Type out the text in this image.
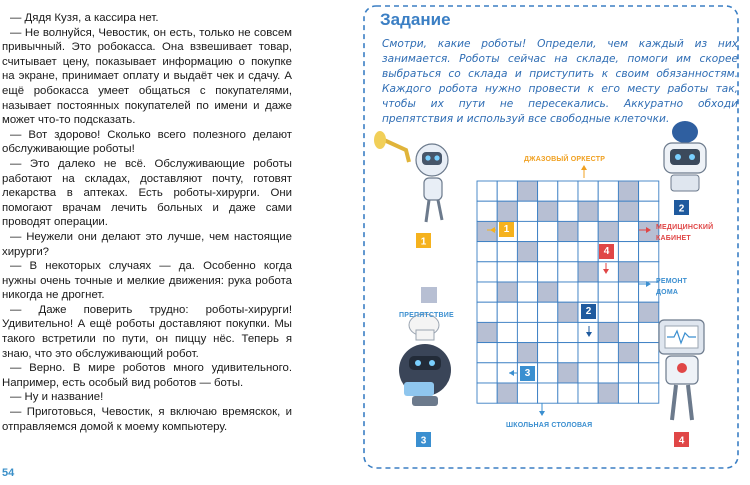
— Дядя Кузя, а кассира нет.

— Не волнуйся, Чевостик, он есть, только не совсем привычный. Это робокасса. Она взвешивает товар, считывает цену, показывает информацию о покупке на экране, принимает оплату и выдаёт чек и сдачу. А ещё робокасса умеет общаться с покупателями, называет постоянных покупателей по имени и даже может что-то подсказать.

— Вот здорово! Сколько всего полезного делают обслуживающие роботы!

— Это далеко не всё. Обслуживающие роботы работают на складах, доставляют почту, готовят лекарства в аптеках. Есть роботы-хирурги. Они помогают врачам лечить больных и даже сами проводят операции.

— Неужели они делают это лучше, чем настоящие хирурги?

— В некоторых случаях — да. Особенно когда нужны очень точные и мелкие движения: рука робота никогда не дрогнет.

— Даже поверить трудно: роботы-хирурги! Удивительно! А ещё роботы доставляют покупки. Мы такого встретили по пути, он пиццу нёс. Теперь я знаю, что это обслуживающий робот.

— Верно. В мире роботов много удивительного. Например, есть особый вид роботов — боты.

— Ну и название!

— Приготовься, Чевостик, я включаю времяскок, и отправляемся домой к моему компьютеру.

54
Задание

Смотри, какие роботы! Определи, чем каждый из них занимается. Роботы сейчас на складе, помоги им скорее выбраться со склада и приступить к своим обязанностям. Каждого робота нужно провести к его месту работы так, чтобы их пути не пересекались. Аккуратно обходи препятствия и используй все свободные клеточки.

1
2
3	4
ДЖАЗОВЫЙ ОРКЕСТР
МЕДИЦИНСКИЙ
КАБИНЕТ
РЕМОНТ
ДОМА
ПРЕПЯТСТВИЕ
ШКОЛЬНАЯ СТОЛОВАЯ
1
2
3
4
